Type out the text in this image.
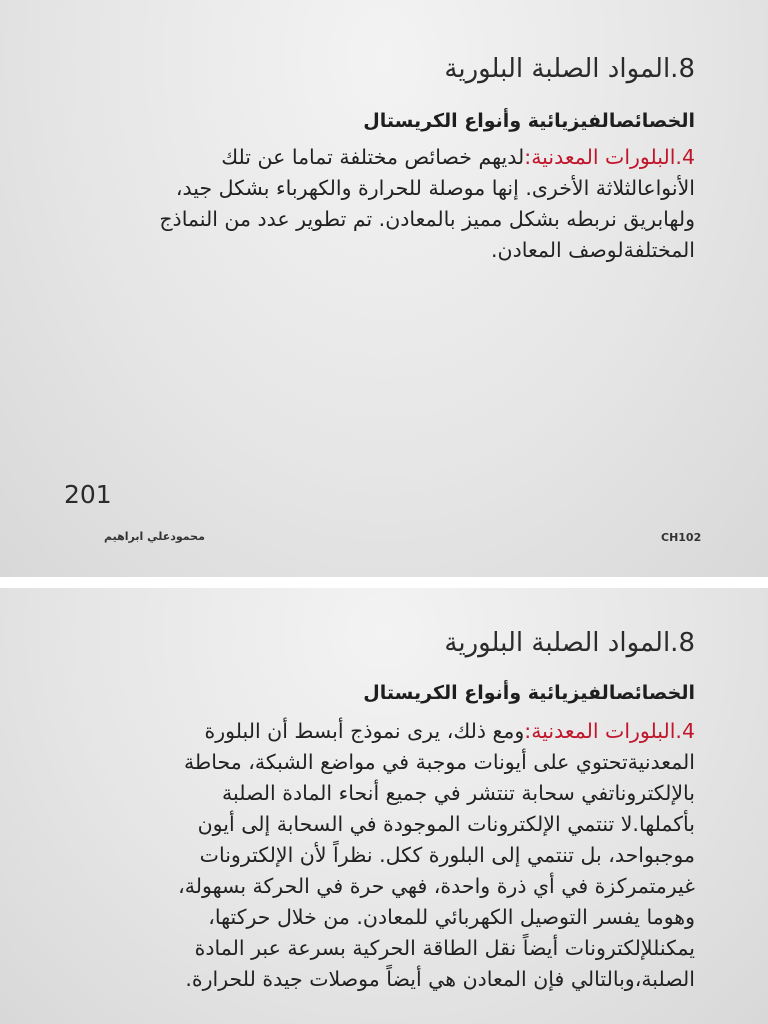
8.المواد الصلبة البلورية
الخصائصالفيزيائية وأنواع الكريستال
4.البلورات المعدنية:لديهم خصائص مختلفة تماما عن تلك
الأنواعالثلاثة الأخرى. إنها موصلة للحرارة والكهرباء بشكل جيد،
ولهابريق نربطه بشكل مميز بالمعادن. تم تطوير عدد من النماذج
المختلفةلوصف المعادن.
201
محمودعلي ابراهيم	CH102
8.المواد الصلبة البلورية
الخصائصالفيزيائية وأنواع الكريستال
4.البلورات المعدنية:ومع ذلك، يرى نموذج أبسط أن البلورة
المعدنيةتحتوي على أيونات موجبة في مواضع الشبكة، محاطة
بالإلكتروناتفي سحابة تنتشر في جميع أنحاء المادة الصلبة
بأكملها.لا تنتمي الإلكترونات الموجودة في السحابة إلى أيون
موجبواحد، بل تنتمي إلى البلورة ككل. نظراً لأن الإلكترونات
غيرمتمركزة في أي ذرة واحدة، فهي حرة في الحركة بسهولة،
وهوما يفسر التوصيل الكهربائي للمعادن. من خلال حركتها،
يمكنللإلكترونات أيضاً نقل الطاقة الحركية بسرعة عبر المادة
الصلبة،وبالتالي فإن المعادن هي أيضاً موصلات جيدة للحرارة.
